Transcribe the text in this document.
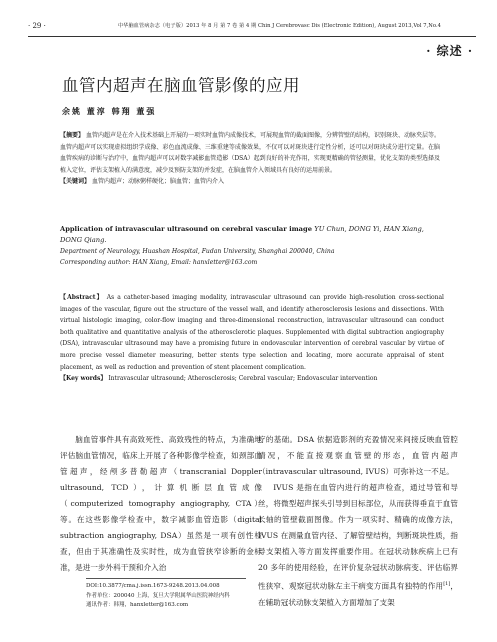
· 29 ·	中华脑血管病杂志（电子版）2013 年 8 月 第 7 卷 第 4 期 Chin J Cerebrovasc Dis (Electronic Edition), August 2013,Vol 7,No.4
· 综述 ·
血管内超声在脑血管影像的应用
余姚 董淳 韩翔 董强
【摘要】 血管内超声是在介入技术基础上开展的一项实时血管内成像技术，可展现血管的截面图像，分辨管壁的结构，识别斑块、动脉夹层等。血管内超声可以实现虚拟组织学成像、彩色血流成像、三维重建等成像效果，不仅可以对斑块进行定性分析，还可以对斑块成分进行定量。在脑血管疾病的诊断与治疗中，血管内超声可以对数字减影血管造影（DSA）起到良好的补充作用，实现更精确的管径测量，优化支架的类型选择及植入定位，评估支架植入的满意度，减少及预防支架的并发症，在脑血管介入领域具有良好的运用前景。
【关键词】 血管内超声；动脉粥样硬化；脑血管；血管内介入
Application of intravascular ultrasound on cerebral vascular image YU Chun, DONG Yi, HAN Xiang, DONG Qiang.
Department of Neurology, Huashan Hospital, Fudan University, Shanghai 200040, China
Corresponding author: HAN Xiang, Email: hanxletter@163.com
【Abstract】 As a catheter-based imaging modality, intravascular ultrasound can provide high-resolution cross-sectional images of the vascular, figure out the structure of the vessel wall, and identify atherosclerosis lesions and dissections. With virtual histologic imaging, color-flow imaging and three-dimensional reconstruction, intravascular ultrasound can conduct both qualitative and quantitative analysis of the atherosclerotic plaques. Supplemented with digital subtraction angiography (DSA), intravascular ultrasound may have a promising future in endovascular intervention of cerebral vascular by virtue of more precise vessel diameter measuring, better stents type selection and locating, more accurate appraisal of stent placement, as well as reduction and prevention of stent placement complication.
【Key words】 Intravascular ultrasound; Atherosclerosis; Cerebral vascular; Endovascular intervention

脑血管事件具有高致死性、高致残性的特点，为准确地评估脑血管情况，临床上开展了各种影像学检查，如颈部血管超声，经颅多普勒超声（transcranial Doppler ultrasound, TCD），计算机断层血管成像（computerized tomography angiography, CTA）等。在这些影像学检查中，数字减影血管造影（digital subtraction angiography, DSA）虽然是一项有创性检查，但由于其准确性及实时性，成为血管狭窄诊断的金标准，是进一步外科干预和介入治

疗的基础。DSA 依据造影剂的充盈情况来间接反映血管腔情况，不能直接观察血管壁的形态，血管内超声（intravascular ultrasound, IVUS）可弥补这一不足。

IVUS 是指在血管内进行的超声检查，通过导管和导丝，将微型超声探头引导到目标部位，从而获得垂直于血管长轴的管壁截面图像。作为一项实时、精确的成像方法，IVUS 在测量血管内径、了解管壁结构，判断斑块性质，指导支架植入等方面发挥重要作用。在冠状动脉疾病上已有 20 多年的使用经验，在评价复杂冠状动脉病变、评估临界性狭窄、观察冠状动脉左主干病变方面具有独特的作用[1]，在辅助冠状动脉支架植入方面增加了支架

DOI:10.3877/cma.j.issn.1673-9248.2013.04.008
作者单位：200040 上海，复旦大学附属华山医院神经内科
通讯作者：韩翔，hanxletter@163.com
